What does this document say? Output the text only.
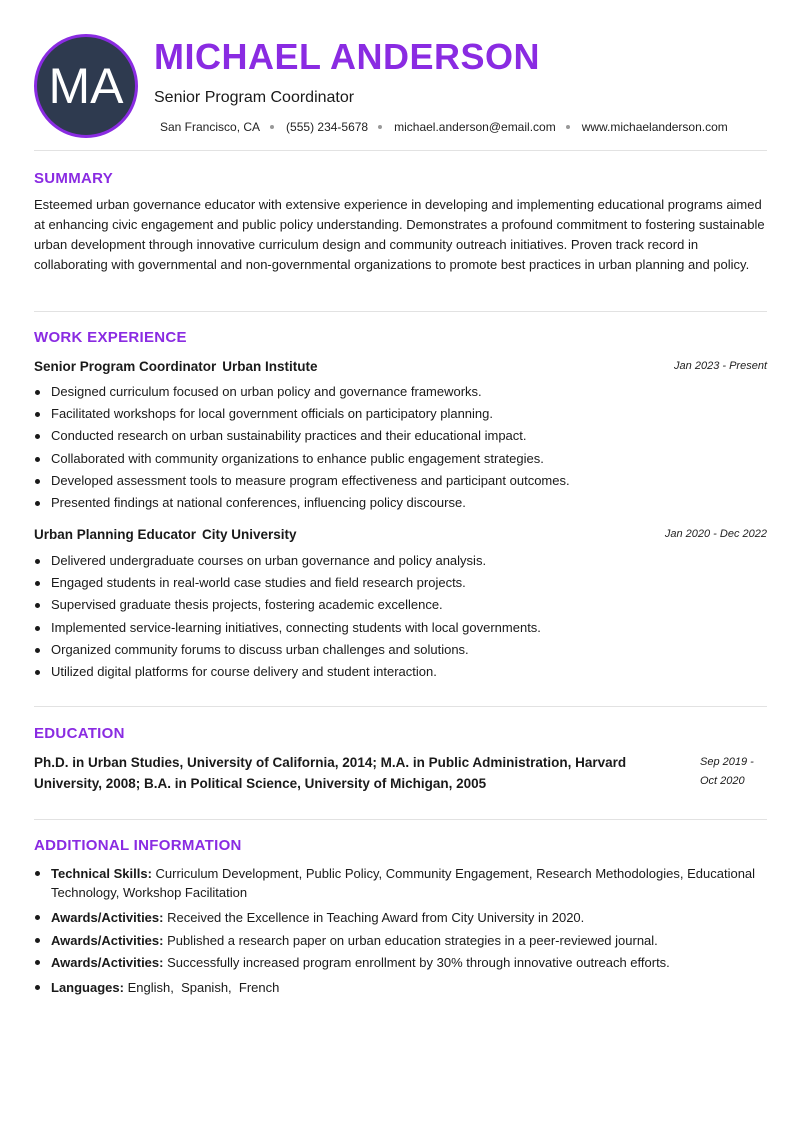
MA
MICHAEL ANDERSON
Senior Program Coordinator
San Francisco, CA (555) 234-5678 michael.anderson@email.com www.michaelanderson.com
SUMMARY
Esteemed urban governance educator with extensive experience in developing and implementing educational programs aimed at enhancing civic engagement and public policy understanding. Demonstrates a profound commitment to fostering sustainable urban development through innovative curriculum design and community outreach initiatives. Proven track record in collaborating with governmental and non-governmental organizations to promote best practices in urban planning and policy.
WORK EXPERIENCE
Senior Program Coordinator Urban Institute	Jan 2023 - Present
Designed curriculum focused on urban policy and governance frameworks.
Facilitated workshops for local government officials on participatory planning.
Conducted research on urban sustainability practices and their educational impact.
Collaborated with community organizations to enhance public engagement strategies.
Developed assessment tools to measure program effectiveness and participant outcomes.
Presented findings at national conferences, influencing policy discourse.
Urban Planning Educator City University	Jan 2020 - Dec 2022
Delivered undergraduate courses on urban governance and policy analysis.
Engaged students in real-world case studies and field research projects.
Supervised graduate thesis projects, fostering academic excellence.
Implemented service-learning initiatives, connecting students with local governments.
Organized community forums to discuss urban challenges and solutions.
Utilized digital platforms for course delivery and student interaction.
EDUCATION
Ph.D. in Urban Studies, University of California, 2014; M.A. in Public Administration, Harvard University, 2008; B.A. in Political Science, University of Michigan, 2005
Sep 2019 -
Oct 2020
ADDITIONAL INFORMATION
Technical Skills: Curriculum Development, Public Policy, Community Engagement, Research Methodologies, Educational Technology, Workshop Facilitation
Awards/Activities: Received the Excellence in Teaching Award from City University in 2020.
Awards/Activities: Published a research paper on urban education strategies in a peer-reviewed journal.
Awards/Activities: Successfully increased program enrollment by 30% through innovative outreach efforts.
Languages: English,  Spanish,  French
